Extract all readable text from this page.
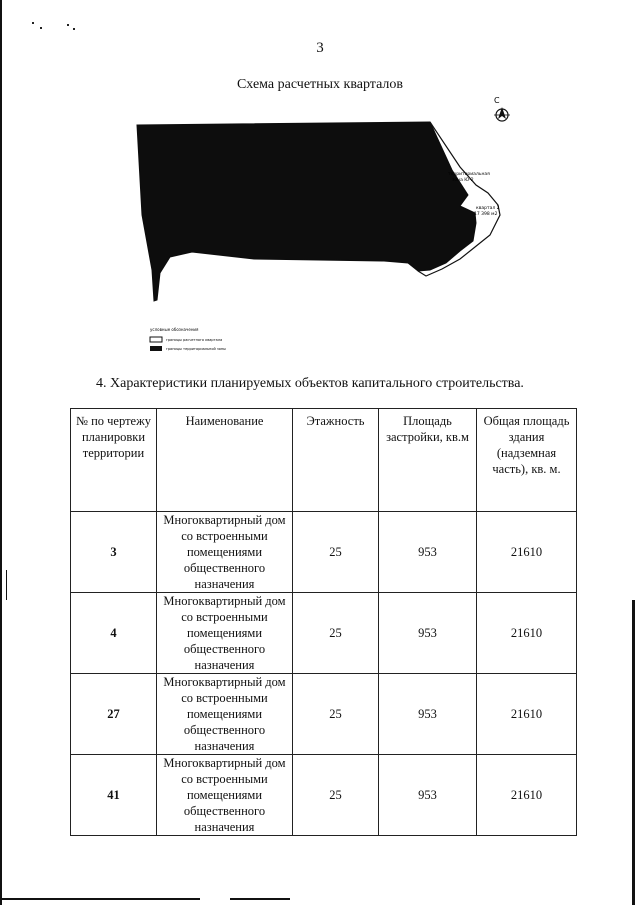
3
Схема расчетных кварталов
С
территориальная
зона Ю-2
квартал 2
17 398 м2
условные обозначения
границы расчетного квартала
границы территориальной зоны
4. Характеристики планируемых объектов капитального строительства.
№ по чертежу планировки территории	Наименование	Этажность	Площадь застройки, кв.м	Общая площадь здания (надземная часть), кв. м.
3	Многоквартирный дом со встроенными помещениями общественного назначения	25	953	21610
4	Многоквартирный дом со встроенными помещениями общественного назначения	25	953	21610
27	Многоквартирный дом со встроенными помещениями общественного назначения	25	953	21610
41	Многоквартирный дом со встроенными помещениями общественного назначения	25	953	21610
